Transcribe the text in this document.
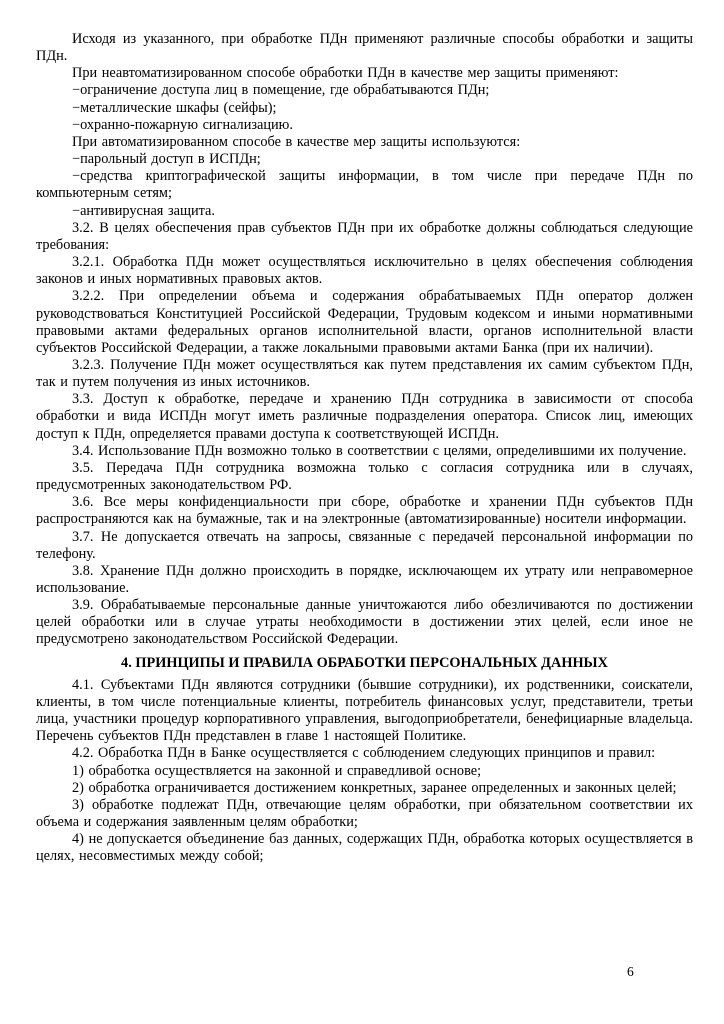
Исходя из указанного, при обработке ПДн применяют различные способы обработки и защиты ПДн.

При неавтоматизированном способе обработки ПДн в качестве мер защиты применяют:

−ограничение доступа лиц в помещение, где обрабатываются ПДн;

−металлические шкафы (сейфы);

−охранно-пожарную сигнализацию.

При автоматизированном способе в качестве мер защиты используются:

−парольный доступ в ИСПДн;

−средства криптографической защиты информации, в том числе при передаче ПДн по компьютерным сетям;

−антивирусная защита.

3.2. В целях обеспечения прав субъектов ПДн при их обработке должны соблюдаться следующие требования:

3.2.1. Обработка ПДн может осуществляться исключительно в целях обеспечения соблюдения законов и иных нормативных правовых актов.

3.2.2. При определении объема и содержания обрабатываемых ПДн оператор должен руководствоваться Конституцией Российской Федерации, Трудовым кодексом и иными нормативными правовыми актами федеральных органов исполнительной власти, органов исполнительной власти субъектов Российской Федерации, а также локальными правовыми актами Банка (при их наличии).

3.2.3. Получение ПДн может осуществляться как путем представления их самим субъектом ПДн, так и путем получения из иных источников.

3.3. Доступ к обработке, передаче и хранению ПДн сотрудника в зависимости от способа обработки и вида ИСПДн могут иметь различные подразделения оператора. Список лиц, имеющих доступ к ПДн, определяется правами доступа к соответствующей ИСПДн.

3.4. Использование ПДн возможно только в соответствии с целями, определившими их получение.

3.5. Передача ПДн сотрудника возможна только с согласия сотрудника или в случаях, предусмотренных законодательством РФ.

3.6. Все меры конфиденциальности при сборе, обработке и хранении ПДн субъектов ПДн распространяются как на бумажные, так и на электронные (автоматизированные) носители информации.

3.7. Не допускается отвечать на запросы, связанные с передачей персональной информации по телефону.

3.8. Хранение ПДн должно происходить в порядке, исключающем их утрату или неправомерное использование.

3.9. Обрабатываемые персональные данные уничтожаются либо обезличиваются по достижении целей обработки или в случае утраты необходимости в достижении этих целей, если иное не предусмотрено законодательством Российской Федерации.

4. ПРИНЦИПЫ И ПРАВИЛА ОБРАБОТКИ ПЕРСОНАЛЬНЫХ ДАННЫХ

4.1. Субъектами ПДн являются сотрудники (бывшие сотрудники), их родственники, соискатели, клиенты, в том числе потенциальные клиенты, потребитель финансовых услуг, представители, третьи лица, участники процедур корпоративного управления, выгодоприобретатели, бенефициарные владельца. Перечень субъектов ПДн представлен в главе 1 настоящей Политике.

4.2. Обработка ПДн в Банке осуществляется с соблюдением следующих принципов и правил:

1) обработка осуществляется на законной и справедливой основе;

2) обработка ограничивается достижением конкретных, заранее определенных и законных целей;

3) обработке подлежат ПДн, отвечающие целям обработки, при обязательном соответствии их объема и содержания заявленным целям обработки;

4) не допускается объединение баз данных, содержащих ПДн, обработка которых осуществляется в целях, несовместимых между собой;

6
